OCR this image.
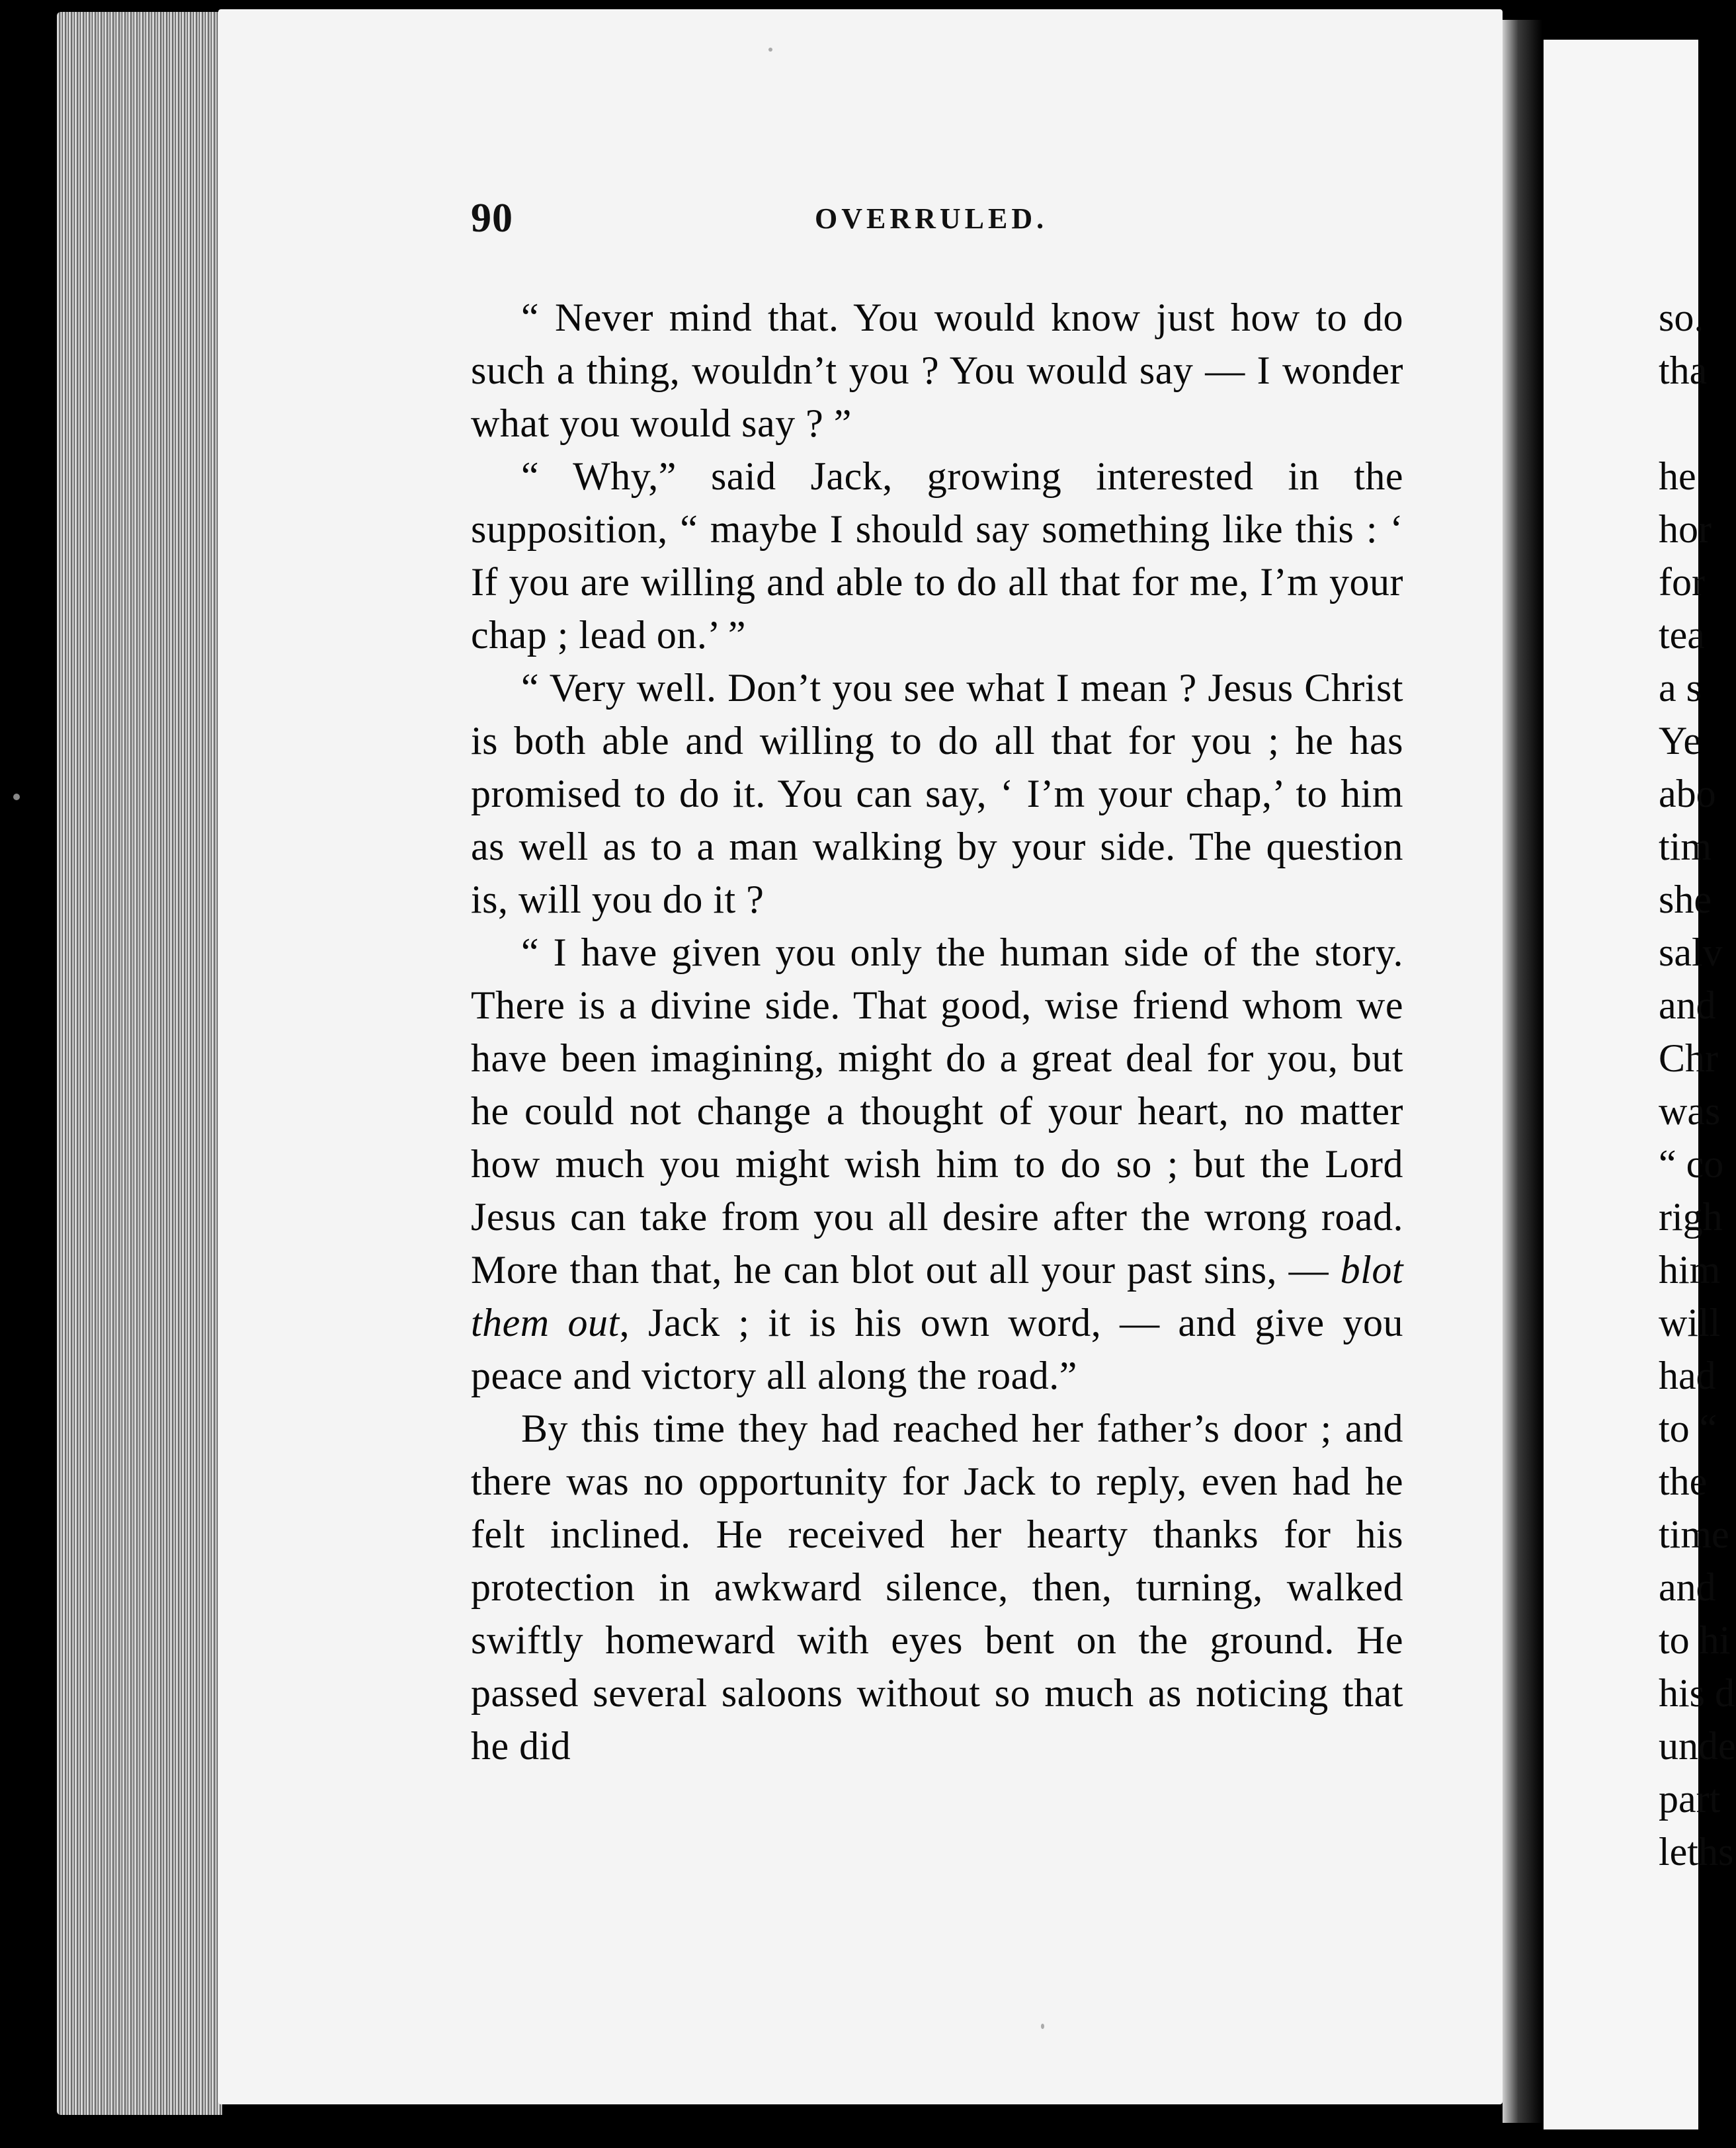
90	OVERRULED.

“ Never mind that. You would know just how to do such a thing, wouldn’t you ? You would say — I wonder what you would say ? ”

“ Why,” said Jack, growing interested in the supposition, “ maybe I should say something like this : ‘ If you are willing and able to do all that for me, I’m your chap ; lead on.’ ”

“ Very well. Don’t you see what I mean ? Jesus Christ is both able and willing to do all that for you ; he has promised to do it. You can say, ‘ I’m your chap,’ to him as well as to a man walking by your side. The question is, will you do it ?

“ I have given you only the human side of the story. There is a divine side. That good, wise friend whom we have been imagining, might do a great deal for you, but he could not change a thought of your heart, no matter how much you might wish him to do so ; but the Lord Jesus can take from you all desire after the wrong road. More than that, he can blot out all your past sins, — blot them out, Jack ; it is his own word, — and give you peace and victory all along the road.”

By this time they had reached her father’s door ; and there was no opportunity for Jack to reply, even had he felt inclined. He received her hearty thanks for his protection in awkward silence, then, turning, walked swiftly homeward with eyes bent on the ground. He passed several saloons without so much as noticing that he did

so.
tha
he
hor
for
tea
a s
Ye
abo
tim
she
salv
and
Chr
was
“ co
righ
him
will
had
to “
the
time
and
to hi
his d
unde
part
leths
